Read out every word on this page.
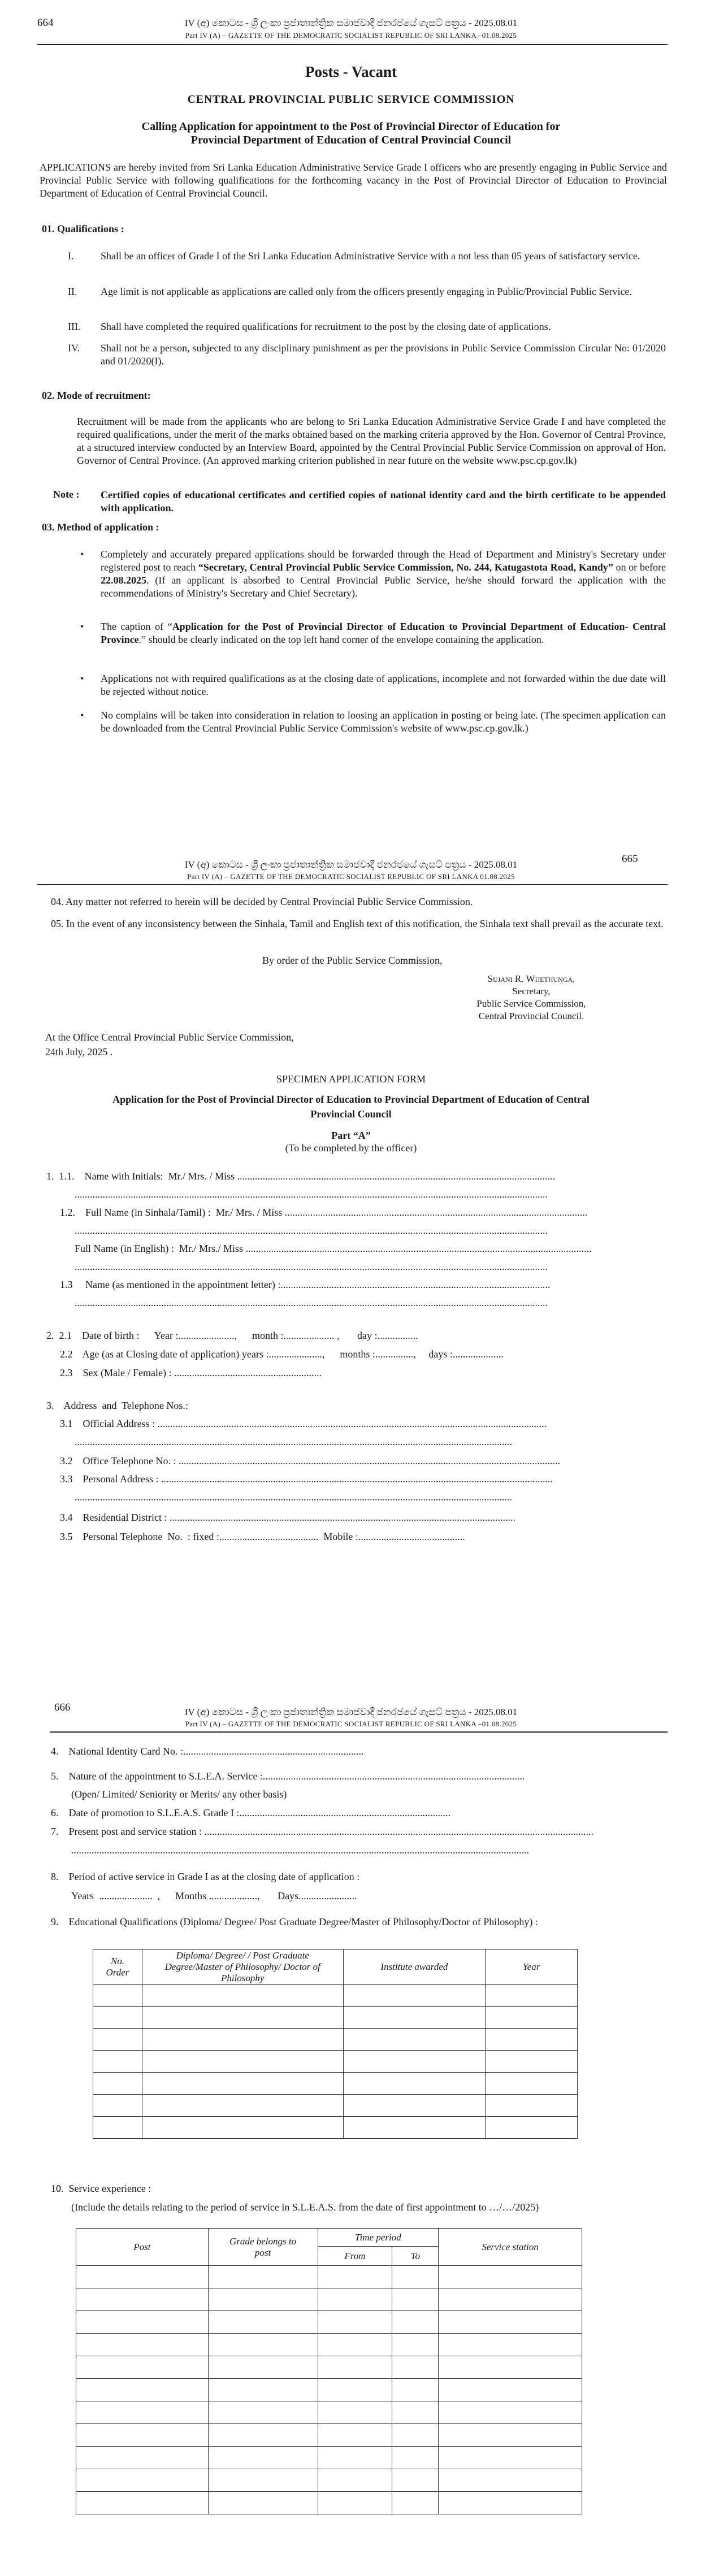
664	IV (අ) කොටස - ශ්‍රී ලංකා ප්‍රජාතාන්ත්‍රික සමාජවාදී ජනරජයේ ගැසට් පත්‍රය - 2025.08.01
Part IV (A) – GAZETTE OF THE DEMOCRATIC SOCIALIST REPUBLIC OF SRI LANKA –01.08.2025
Posts - Vacant
CENTRAL PROVINCIAL PUBLIC SERVICE COMMISSION
Calling Application for appointment to the Post of Provincial Director of Education for
Provincial Department of Education of Central Provincial Council
APPLICATIONS are hereby invited from Sri Lanka Education Administrative Service Grade I officers who are presently engaging in Public Service and Provincial Public Service with following qualifications for the forthcoming vacancy in the Post of Provincial Director of Education to Provincial Department of Education of Central Provincial Council.
01. Qualifications :
I.	Shall be an officer of Grade I of the Sri Lanka Education Administrative Service with a not less than 05 years of satisfactory service.
II. Age limit is not applicable as applications are called only from the officers presently engaging in Public/Provincial Public Service.
III. Shall have completed the required qualifications for recruitment to the post by the closing date of applications.
IV. Shall not be a person, subjected to any disciplinary punishment as per the provisions in Public Service Commission Circular No: 01/2020 and 01/2020(I).
02. Mode of recruitment:
Recruitment will be made from the applicants who are belong to Sri Lanka Education Administrative Service Grade I and have completed the required qualifications, under the merit of the marks obtained based on the marking criteria approved by the Hon. Governor of Central Province, at a structured interview conducted by an Interview Board, appointed by the Central Provincial Public Service Commission on approval of Hon. Governor of Central Province. (An approved marking criterion published in near future on the website www.psc.cp.gov.lk)
Note : Certified copies of educational certificates and certified copies of national identity card and the birth certificate to be appended with application.
03. Method of application :
• Completely and accurately prepared applications should be forwarded through the Head of Department and Ministry's Secretary under registered post to reach “Secretary, Central Provincial Public Service Commission, No. 244, Katugastota Road, Kandy” on or before 22.08.2025. (If an applicant is absorbed to Central Provincial Public Service, he/she should forward the application with the recommendations of Ministry's Secretary and Chief Secretary).
• The caption of “Application for the Post of Provincial Director of Education to Provincial Department of Education- Central Province.” should be clearly indicated on the top left hand corner of the envelope containing the application.
• Applications not with required qualifications as at the closing date of applications, incomplete and not forwarded within the due date will be rejected without notice.
• No complains will be taken into consideration in relation to loosing an application in posting or being late. (The specimen application can be downloaded from the Central Provincial Public Service Commission's website of www.psc.cp.gov.lk.)
665
IV (අ) කොටස - ශ්‍රී ලංකා ප්‍රජාතාන්ත්‍රික සමාජවාදී ජනරජයේ ගැසට් පත්‍රය - 2025.08.01
Part IV (A) – GAZETTE OF THE DEMOCRATIC SOCIALIST REPUBLIC OF SRI LANKA 01.08.2025
04. Any matter not referred to herein will be decided by Central Provincial Public Service Commission.
05. In the event of any inconsistency between the Sinhala, Tamil and English text of this notification, the Sinhala text shall prevail as the accurate text.
By order of the Public Service Commission,
Sujani R. Wijethunga,
Secretary,
Public Service Commission,
Central Provincial Council.
At the Office Central Provincial Public Service Commission,
24th July, 2025 .
SPECIMEN APPLICATION FORM
Application for the Post of Provincial Director of Education to Provincial Department of Education of Central
Provincial Council
Part “A”
(To be completed by the officer)
1.  1.1.    Name with Initials:  Mr./ Mrs. / Miss .............................................................................................................................
..........................................................................................................................................................................................
1.2.    Full Name (in Sinhala/Tamil) :  Mr./ Mrs. / Miss .......................................................................................................................
..........................................................................................................................................................................................
Full Name (in English) :  Mr./ Mrs./ Miss ........................................................................................................................................
..........................................................................................................................................................................................
1.3     Name (as mentioned in the appointment letter) :..........................................................................................................
..........................................................................................................................................................................................
2.  2.1    Date of birth :      Year :......................,      month :.................... ,       day :................
2.2    Age (as at Closing date of application) years :.....................,      months :...............,     days :....................
2.3    Sex (Male / Female) : ..........................................................
3.    Address  and  Telephone Nos.:
3.1    Official Address : .........................................................................................................................................................
............................................................................................................................................................................
3.2    Office Telephone No. : ......................................................................................................................................................
3.3    Personal Address : ..........................................................................................................................................................
............................................................................................................................................................................
3.4    Residential District : ........................................................................................................................................
3.5    Personal Telephone  No.  : fixed :.......................................  Mobile :..........................................
666	IV (අ) කොටස - ශ්‍රී ලංකා ප්‍රජාතාන්ත්‍රික සමාජවාදී ජනරජයේ ගැසට් පත්‍රය - 2025.08.01
Part IV (A) – GAZETTE OF THE DEMOCRATIC SOCIALIST REPUBLIC OF SRI LANKA –01.08.2025
4.    National Identity Card No. :.......................................................................
5.    Nature of the appointment to S.L.E.A. Service :.......................................................................................................
(Open/ Limited/ Seniority or Merits/ any other basis)
6.    Date of promotion to S.L.E.A.S. Grade I :...................................................................................
7.    Present post and service station : .........................................................................................................................................................
....................................................................................................................................................................................
8.    Period of active service in Grade I as at the closing date of application :
Years  .....................  ,      Months ...................,       Days.......................
9.    Educational Qualifications (Diploma/ Degree/ Post Graduate Degree/Master of Philosophy/Doctor of Philosophy) :
No.
Order	Diploma/ Degree/ / Post Graduate
Degree/Master of Philosophy/ Doctor of
Philosophy	Institute awarded	Year

10.  Service experience :
(Include the details relating to the period of service in S.L.E.A.S. from the date of first appointment to …/…/2025)
Post	Grade belongs to
post	Time period		Service station
		From	To	
